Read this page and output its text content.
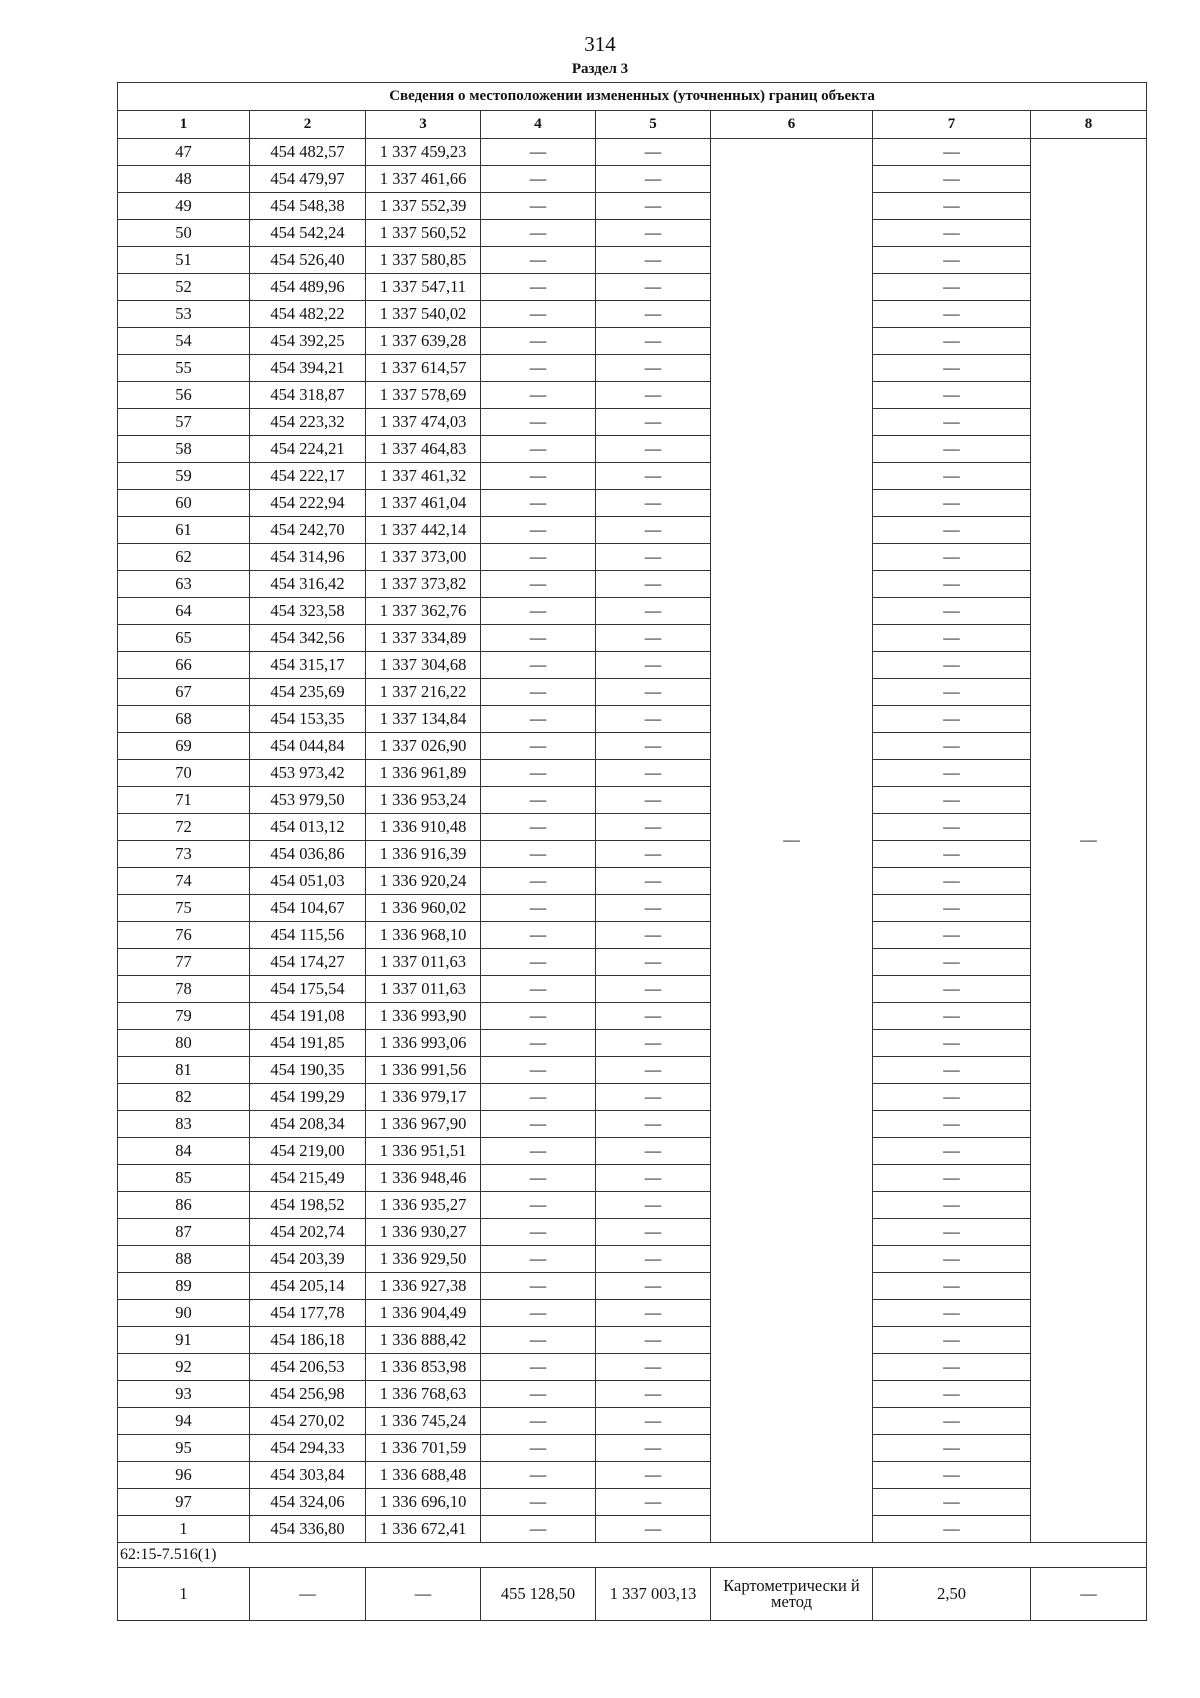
314
Раздел 3
Сведения о местоположении измененных (уточненных) границ объекта							
1	2	3	4	5	6	7	8
47	454 482,57	1 337 459,23	—	—	—	—	—
48	454 479,97	1 337 461,66	—	—		—	
49	454 548,38	1 337 552,39	—	—		—	
50	454 542,24	1 337 560,52	—	—		—	
51	454 526,40	1 337 580,85	—	—		—	
52	454 489,96	1 337 547,11	—	—		—	
53	454 482,22	1 337 540,02	—	—		—	
54	454 392,25	1 337 639,28	—	—		—	
55	454 394,21	1 337 614,57	—	—		—	
56	454 318,87	1 337 578,69	—	—		—	
57	454 223,32	1 337 474,03	—	—		—	
58	454 224,21	1 337 464,83	—	—		—	
59	454 222,17	1 337 461,32	—	—		—	
60	454 222,94	1 337 461,04	—	—		—	
61	454 242,70	1 337 442,14	—	—		—	
62	454 314,96	1 337 373,00	—	—		—	
63	454 316,42	1 337 373,82	—	—		—	
64	454 323,58	1 337 362,76	—	—		—	
65	454 342,56	1 337 334,89	—	—		—	
66	454 315,17	1 337 304,68	—	—		—	
67	454 235,69	1 337 216,22	—	—		—	
68	454 153,35	1 337 134,84	—	—		—	
69	454 044,84	1 337 026,90	—	—		—	
70	453 973,42	1 336 961,89	—	—		—	
71	453 979,50	1 336 953,24	—	—		—	
72	454 013,12	1 336 910,48	—	—		—	
73	454 036,86	1 336 916,39	—	—		—	
74	454 051,03	1 336 920,24	—	—		—	
75	454 104,67	1 336 960,02	—	—		—	
76	454 115,56	1 336 968,10	—	—		—	
77	454 174,27	1 337 011,63	—	—		—	
78	454 175,54	1 337 011,63	—	—		—	
79	454 191,08	1 336 993,90	—	—		—	
80	454 191,85	1 336 993,06	—	—		—	
81	454 190,35	1 336 991,56	—	—		—	
82	454 199,29	1 336 979,17	—	—		—	
83	454 208,34	1 336 967,90	—	—		—	
84	454 219,00	1 336 951,51	—	—		—	
85	454 215,49	1 336 948,46	—	—		—	
86	454 198,52	1 336 935,27	—	—		—	
87	454 202,74	1 336 930,27	—	—		—	
88	454 203,39	1 336 929,50	—	—		—	
89	454 205,14	1 336 927,38	—	—		—	
90	454 177,78	1 336 904,49	—	—		—	
91	454 186,18	1 336 888,42	—	—		—	
92	454 206,53	1 336 853,98	—	—		—	
93	454 256,98	1 336 768,63	—	—		—	
94	454 270,02	1 336 745,24	—	—		—	
95	454 294,33	1 336 701,59	—	—		—	
96	454 303,84	1 336 688,48	—	—		—	
97	454 324,06	1 336 696,10	—	—		—	
1	454 336,80	1 336 672,41	—	—		—	
62:15-7.516(1)							
1	—	—	455 128,50	1 337 003,13	Картометрически й метод	2,50	—
